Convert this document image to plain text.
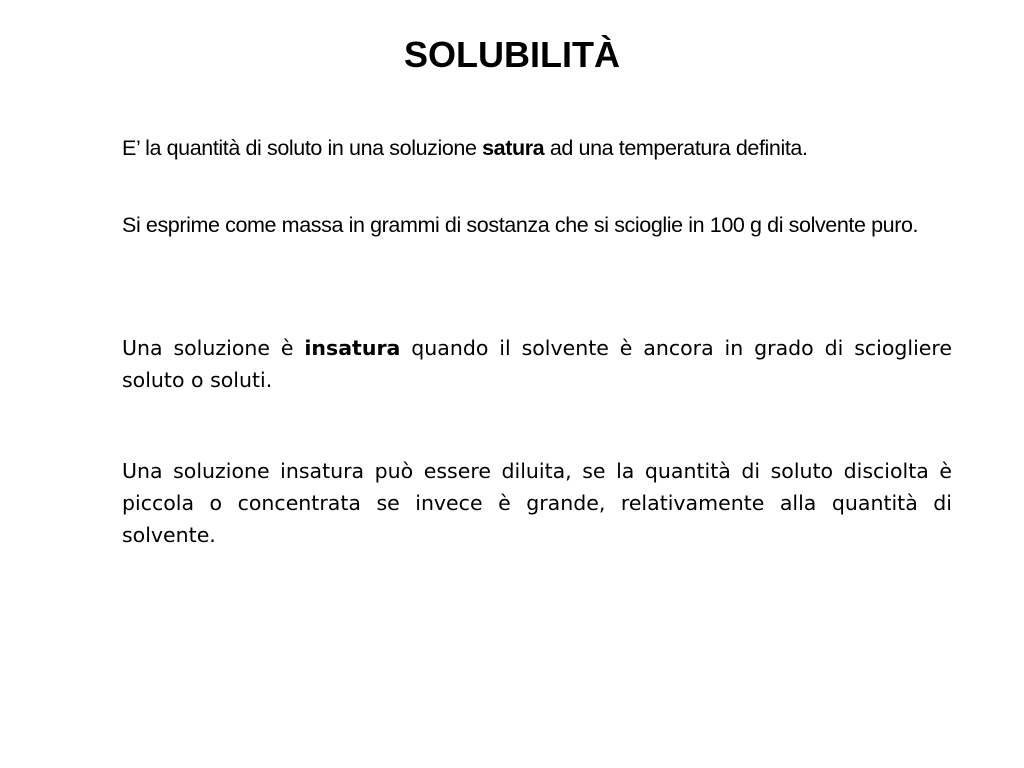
SOLUBILITÀ

E’ la quantità di soluto in una soluzione satura ad una temperatura definita.

Si esprime come massa in grammi di sostanza che si scioglie in 100 g di solvente puro.

Una soluzione è insatura quando il solvente è ancora in grado di sciogliere soluto o soluti.

Una soluzione insatura può essere diluita, se la quantità di soluto disciolta è piccola o concentrata se invece è grande, relativamente alla quantità di solvente.
